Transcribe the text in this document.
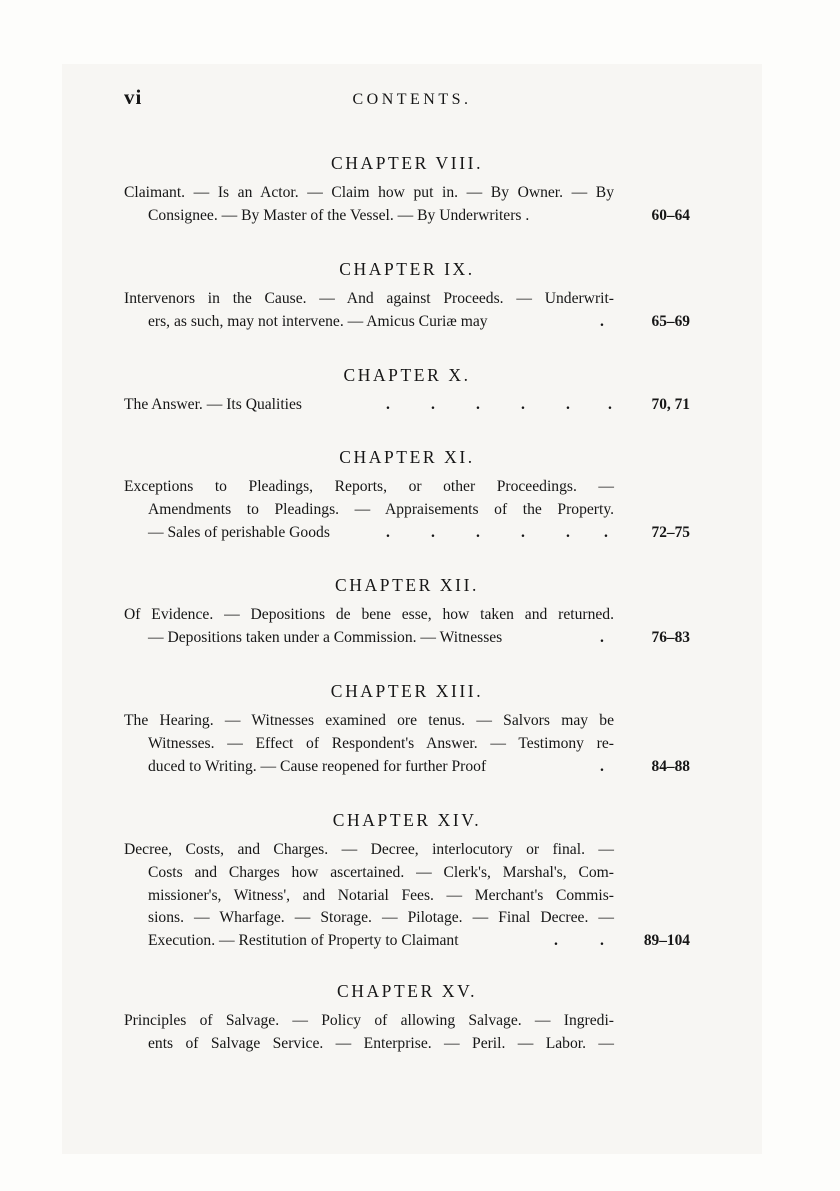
vi	CONTENTS.
CHAPTER VIII.
Claimant. — Is an Actor. — Claim how put in. — By Owner. — By
Consignee. — By Master of the Vessel. — By Underwriters .	60–64
CHAPTER IX.
Intervenors in the Cause. — And against Proceeds. — Underwrit-
ers, as such, may not intervene. — Amicus Curiæ may	.	65–69
CHAPTER X.
The Answer. — Its Qualities	.	.	.	.	. .	70, 71
CHAPTER XI.
Exceptions to Pleadings, Reports, or other Proceedings. —
Amendments to Pleadings. — Appraisements of the Property.
— Sales of perishable Goods	.	.	.	.	. .	72–75
CHAPTER XII.
Of Evidence. — Depositions de bene esse, how taken and returned.
— Depositions taken under a Commission. — Witnesses	.	76–83
CHAPTER XIII.
The Hearing. — Witnesses examined ore tenus. — Salvors may be
Witnesses. — Effect of Respondent's Answer. — Testimony re-
duced to Writing. — Cause reopened for further Proof	.	84–88
CHAPTER XIV.
Decree, Costs, and Charges. — Decree, interlocutory or final. —
Costs and Charges how ascertained. — Clerk's, Marshal's, Com-
missioner's, Witness', and Notarial Fees. — Merchant's Commis-
sions. — Wharfage. — Storage. — Pilotage. — Final Decree. —
Execution. — Restitution of Property to Claimant	.	.	89–104
CHAPTER XV.
Principles of Salvage. — Policy of allowing Salvage. — Ingredi-
ents of Salvage Service. — Enterprise. — Peril. — Labor. —
